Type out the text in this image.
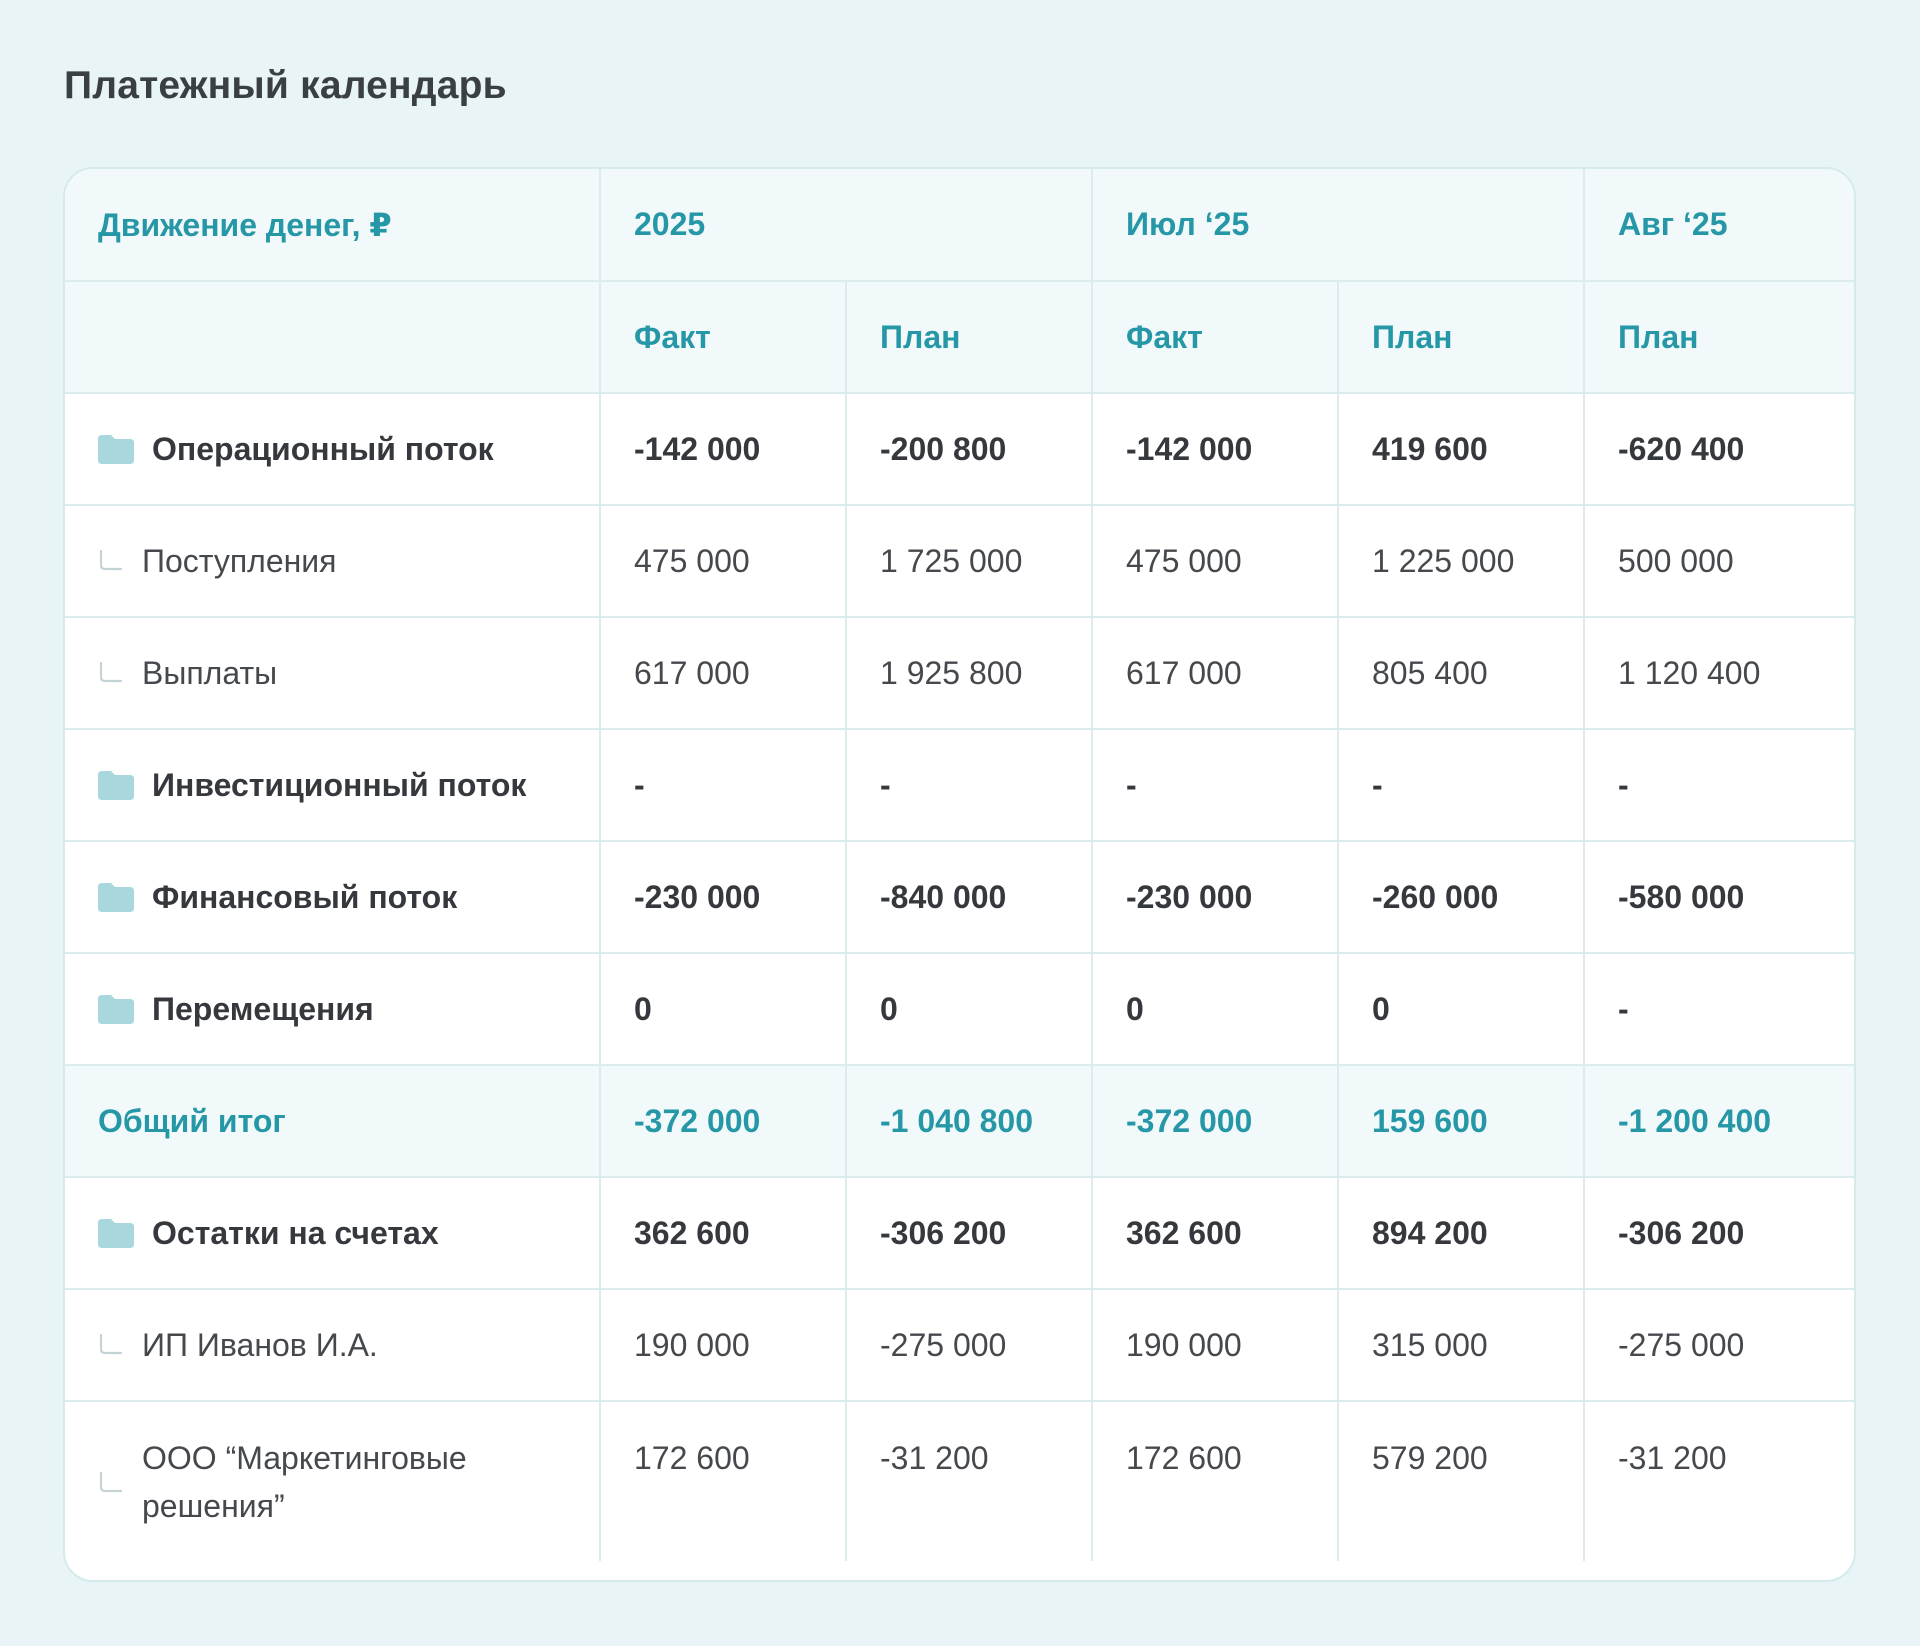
Платежный календарь
Движение денег, ₽	2025		Июл ‘25		Авг ‘25
	Факт	План	Факт	План	План

Операционный поток	-142 000	-200 800	-142 000	419 600	-620 400

Поступления	475 000	1 725 000	475 000	1 225 000	500 000

Выплаты	617 000	1 925 800	617 000	805 400	1 120 400

Инвестиционный поток	-	-	-	-	-

Финансовый поток	-230 000	-840 000	-230 000	-260 000	-580 000

Перемещения	0	0	0	0	-
Общий итог	-372 000	-1 040 800	-372 000	159 600	-1 200 400

Остатки на счетах	362 600	-306 200	362 600	894 200	-306 200

ИП Иванов И.А.	190 000	-275 000	190 000	315 000	-275 000

ООО “Маркетинговые решения”	172 600	-31 200	172 600	579 200	-31 200
